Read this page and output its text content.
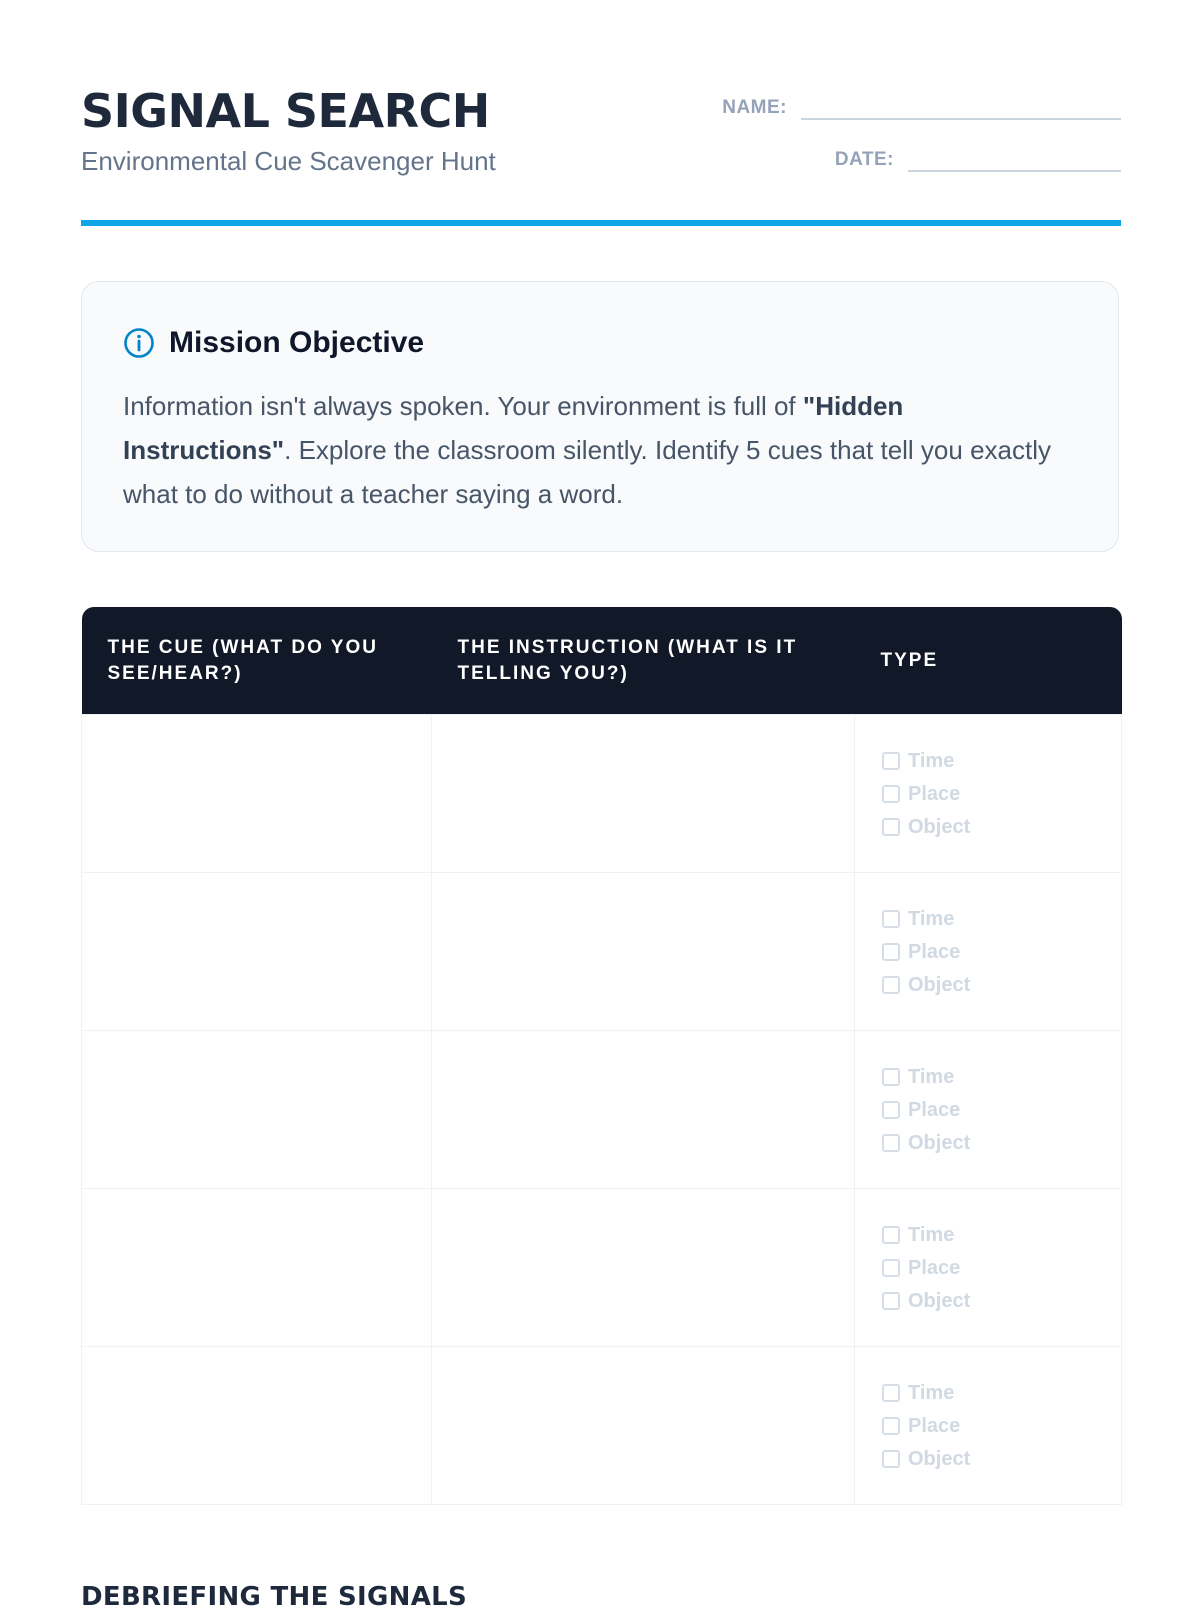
SIGNAL SEARCH
Environmental Cue Scavenger Hunt
NAME:
DATE:
Mission Objective

Information isn't always spoken. Your environment is full of "Hidden Instructions". Explore the classroom silently. Identify 5 cues that tell you exactly what to do without a teacher saying a word.

THE CUE (WHAT DO YOU SEE/HEAR?)	THE INSTRUCTION (WHAT IS IT TELLING YOU?)	TYPE

		Time
Place
Object

		Time
Place
Object

		Time
Place
Object

		Time
Place
Object

		Time
Place
Object
DEBRIEFING THE SIGNALS
